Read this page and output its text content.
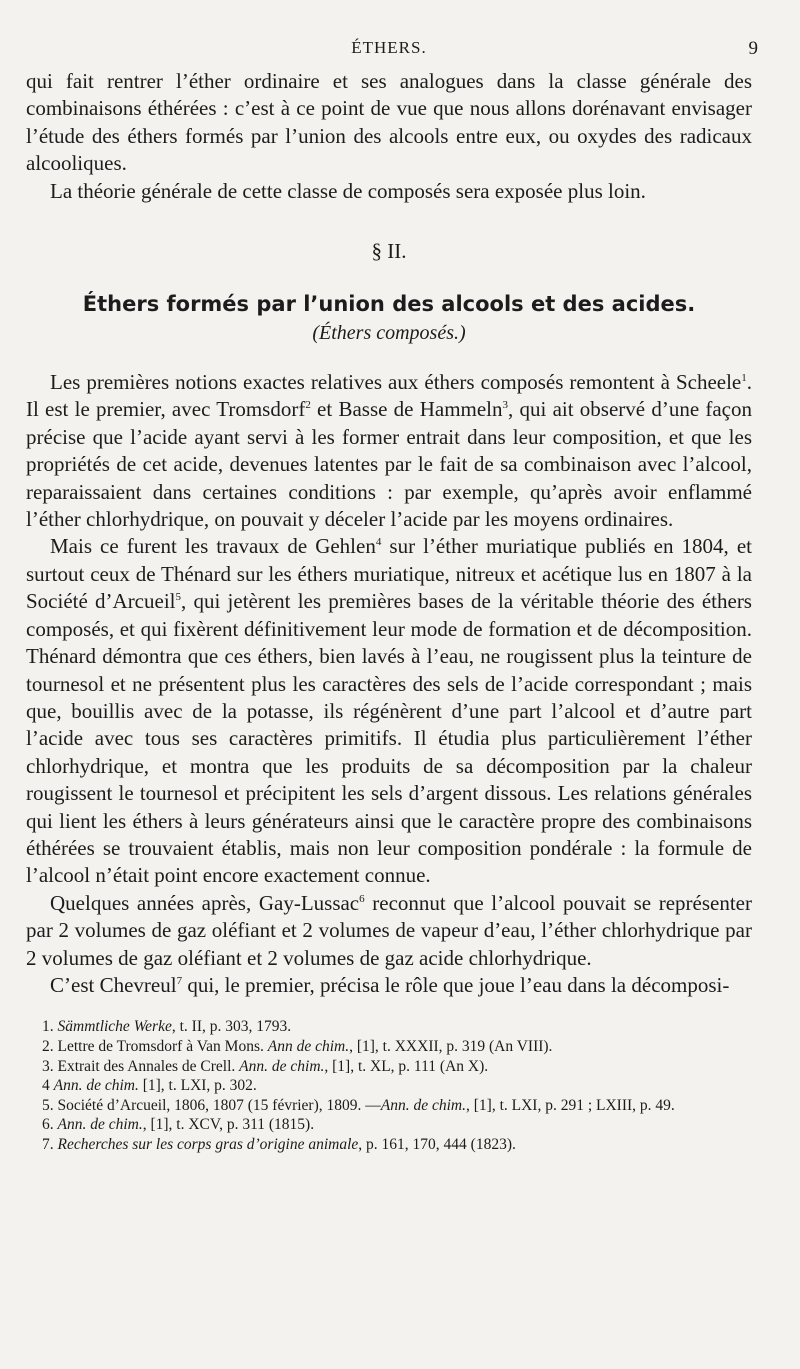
ÉTHERS.	9

qui fait rentrer l’éther ordinaire et ses analogues dans la classe générale des combinaisons éthérées : c’est à ce point de vue que nous allons dorénavant envisager l’étude des éthers formés par l’union des alcools entre eux, ou oxydes des radicaux alcooliques.

La théorie générale de cette classe de composés sera exposée plus loin.

§ II.
Éthers formés par l’union des alcools et des acides.
(Éthers composés.)

Les premières notions exactes relatives aux éthers composés remontent à Scheele$^1$. Il est le premier, avec Tromsdorf$^2$ et Basse de Hammeln$^3$, qui ait observé d’une façon précise que l’acide ayant servi à les former entrait dans leur composition, et que les propriétés de cet acide, devenues latentes par le fait de sa combinaison avec l’alcool, reparaissaient dans certaines conditions : par exemple, qu’après avoir enflammé l’éther chlorhydrique, on pouvait y déceler l’acide par les moyens ordinaires.

Mais ce furent les travaux de Gehlen$^4$ sur l’éther muriatique publiés en 1804, et surtout ceux de Thénard sur les éthers muriatique, nitreux et acétique lus en 1807 à la Société d’Arcueil$^5$, qui jetèrent les premières bases de la véritable théorie des éthers composés, et qui fixèrent définitivement leur mode de formation et de décomposition. Thénard démontra que ces éthers, bien lavés à l’eau, ne rougissent plus la teinture de tournesol et ne présentent plus les caractères des sels de l’acide correspondant ; mais que, bouillis avec de la potasse, ils régénèrent d’une part l’alcool et d’autre part l’acide avec tous ses caractères primitifs. Il étudia plus particulièrement l’éther chlorhydrique, et montra que les produits de sa décomposition par la chaleur rougissent le tournesol et précipitent les sels d’argent dissous. Les relations générales qui lient les éthers à leurs générateurs ainsi que le caractère propre des combinaisons éthérées se trouvaient établis, mais non leur composition pondérale : la formule de l’alcool n’était point encore exactement connue.

Quelques années après, Gay-Lussac$^6$ reconnut que l’alcool pouvait se représenter par 2 volumes de gaz oléfiant et 2 volumes de vapeur d’eau, l’éther chlorhydrique par 2 volumes de gaz oléfiant et 2 volumes de gaz acide chlorhydrique.

C’est Chevreul$^7$ qui, le premier, précisa le rôle que joue l’eau dans la décomposi-

1. Sämmtliche Werke, t. II, p. 303, 1793.

2. Lettre de Tromsdorf à Van Mons. Ann de chim., [1], t. XXXII, p. 319 (An VIII).

3. Extrait des Annales de Crell. Ann. de chim., [1], t. XL, p. 111 (An X).

4 Ann. de chim. [1], t. LXI, p. 302.

5. Société d’Arcueil, 1806, 1807 (15 février), 1809. —Ann. de chim., [1], t. LXI, p. 291 ; LXIII, p. 49.

6. Ann. de chim., [1], t. XCV, p. 311 (1815).

7. Recherches sur les corps gras d’origine animale, p. 161, 170, 444 (1823).
